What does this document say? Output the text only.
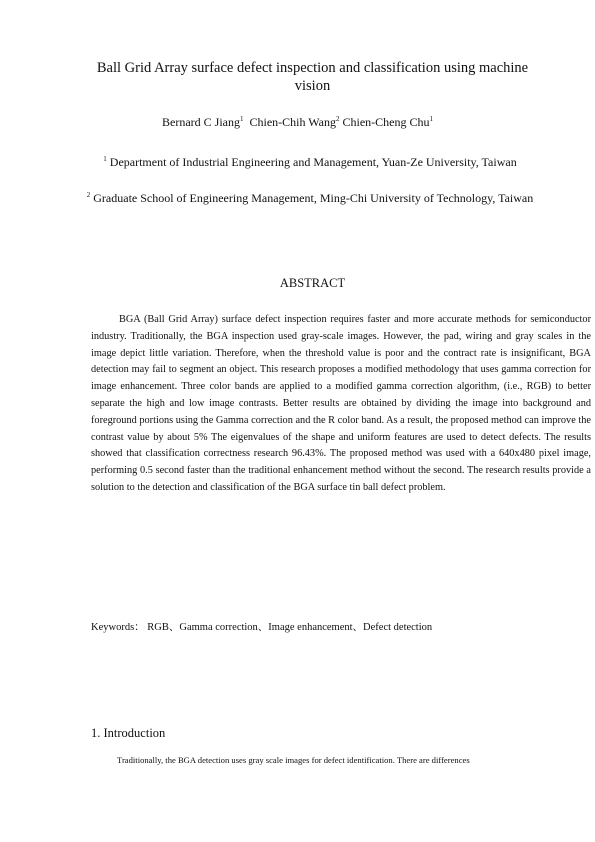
Ball Grid Array surface defect inspection and classification using machine vision
Bernard C Jiang$^1$ Chien-Chih Wang$^2$ Chien-Cheng Chu$^1$
$^1$ Department of Industrial Engineering and Management, Yuan-Ze University, Taiwan
$^2$ Graduate School of Engineering Management, Ming-Chi University of Technology, Taiwan
ABSTRACT
BGA (Ball Grid Array) surface defect inspection requires faster and more accurate methods for semiconductor industry. Traditionally, the BGA inspection used gray-scale images. However, the pad, wiring and gray scales in the image depict little variation. Therefore, when the threshold value is poor and the contract rate is insignificant, BGA detection may fail to segment an object. This research proposes a modified methodology that uses gamma correction for image enhancement. Three color bands are applied to a modified gamma correction algorithm, (i.e., RGB) to better separate the high and low image contrasts. Better results are obtained by dividing the image into background and foreground portions using the Gamma correction and the R color band. As a result, the proposed method can improve the contrast value by about 5% The eigenvalues of the shape and uniform features are used to detect defects. The results showed that classification correctness research 96.43%. The proposed method was used with a 640x480 pixel image, performing 0.5 second faster than the traditional enhancement method without the second. The research results provide a solution to the detection and classification of the BGA surface tin ball defect problem.
Keywords： RGB、Gamma correction、Image enhancement、Defect detection
1. Introduction
Traditionally, the BGA detection uses gray scale images for defect identification. There are differences
